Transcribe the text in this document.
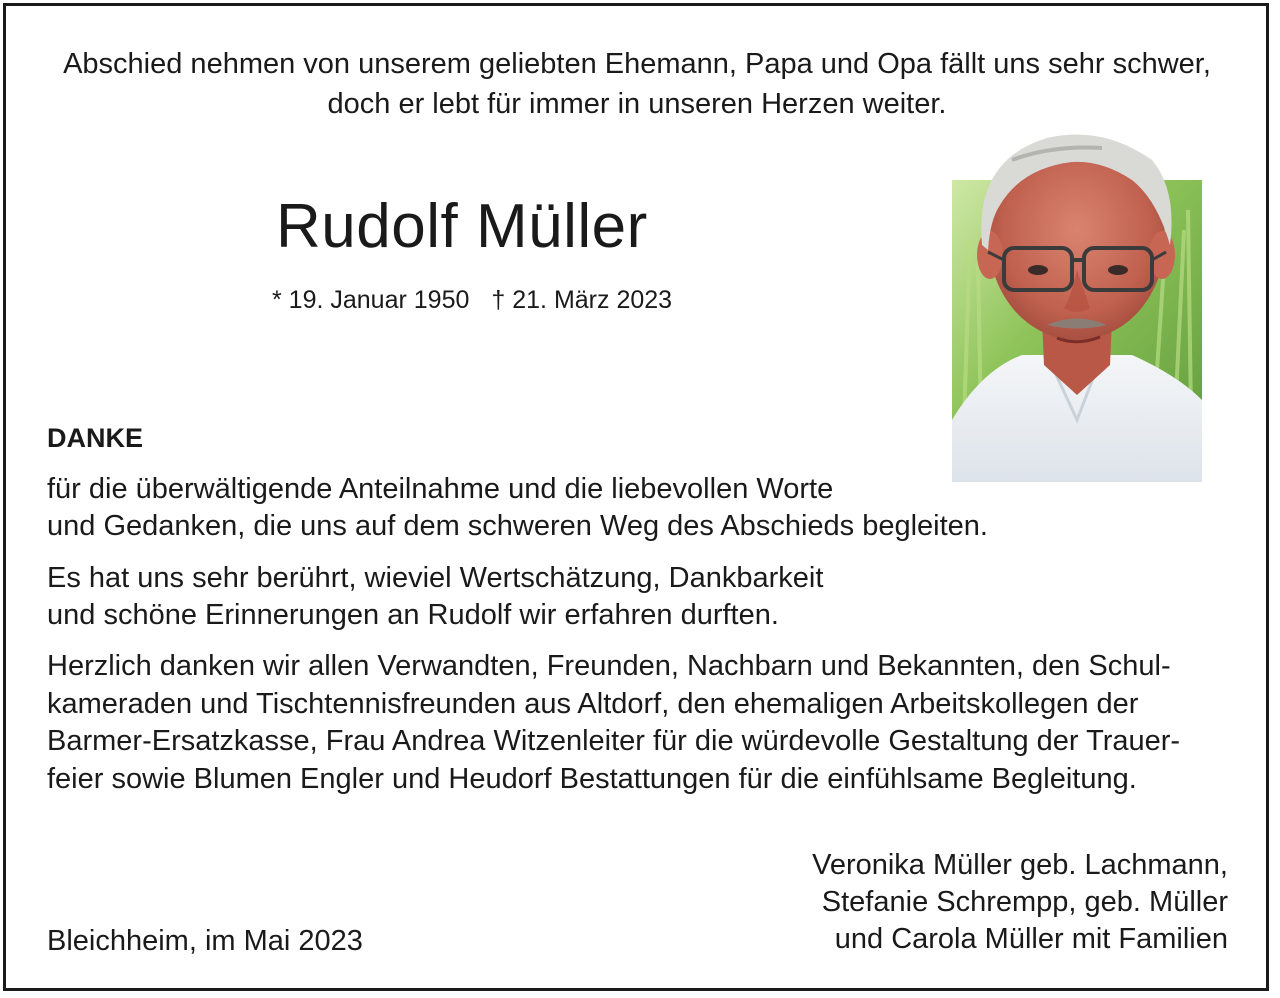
Abschied nehmen von unserem geliebten Ehemann, Papa und Opa fällt uns sehr schwer,
doch er lebt für immer in unseren Herzen weiter.
Rudolf Müller
* 19. Januar 1950 † 21. März 2023
DANKE
für die überwältigende Anteilnahme und die liebevollen Worte
und Gedanken, die uns auf dem schweren Weg des Abschieds begleiten.
Es hat uns sehr berührt, wieviel Wertschätzung, Dankbarkeit
und schöne Erinnerungen an Rudolf wir erfahren durften.
Herzlich danken wir allen Verwandten, Freunden, Nachbarn und Bekannten, den Schul-
kameraden und Tischtennisfreunden aus Altdorf, den ehemaligen Arbeitskollegen der
Barmer-Ersatzkasse, Frau Andrea Witzenleiter für die würdevolle Gestaltung der Trauer-
feier sowie Blumen Engler und Heudorf Bestattungen für die einfühlsame Begleitung.
Veronika Müller geb. Lachmann,
Stefanie Schrempp, geb. Müller
und Carola Müller mit Familien
Bleichheim, im Mai 2023
